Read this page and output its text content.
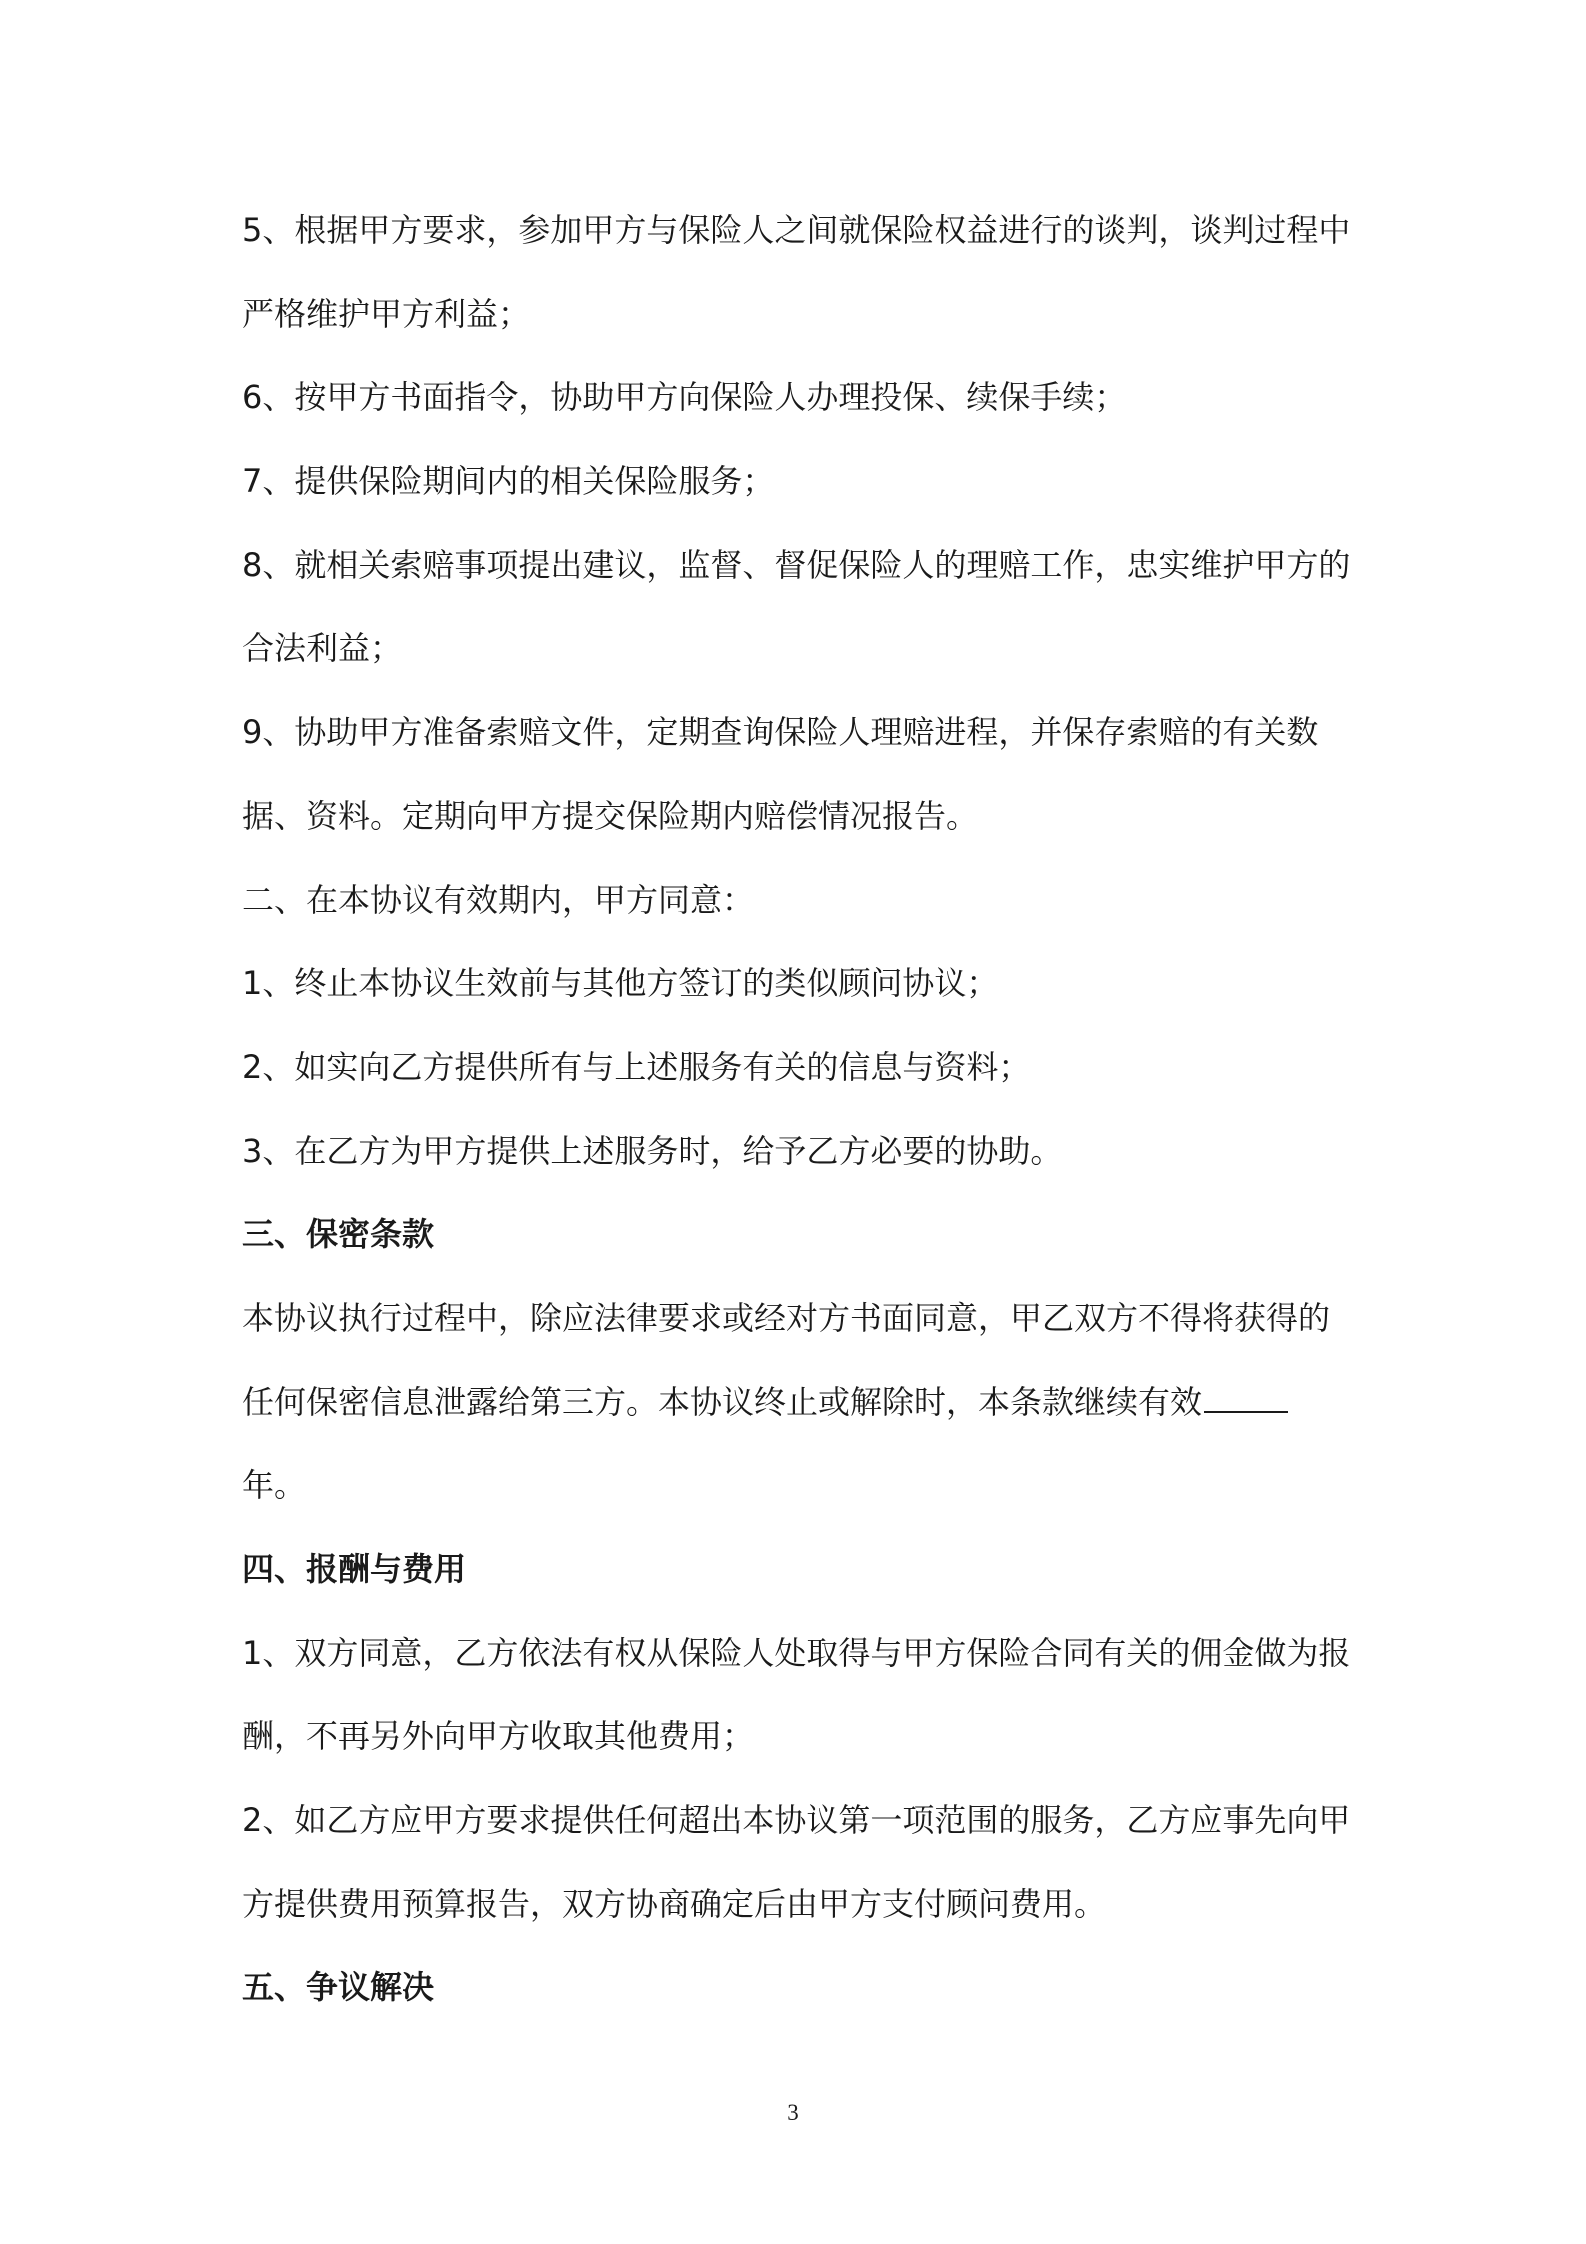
5、根据甲方要求，参加甲方与保险人之间就保险权益进行的谈判，谈判过程中
严格维护甲方利益；
6、按甲方书面指令，协助甲方向保险人办理投保、续保手续；
7、提供保险期间内的相关保险服务；
8、就相关索赔事项提出建议，监督、督促保险人的理赔工作，忠实维护甲方的
合法利益；
9、协助甲方准备索赔文件，定期查询保险人理赔进程，并保存索赔的有关数
据、资料。定期向甲方提交保险期内赔偿情况报告。
二、在本协议有效期内，甲方同意：
1、终止本协议生效前与其他方签订的类似顾问协议；
2、如实向乙方提供所有与上述服务有关的信息与资料；
3、在乙方为甲方提供上述服务时，给予乙方必要的协助。
三、保密条款
本协议执行过程中，除应法律要求或经对方书面同意，甲乙双方不得将获得的
任何保密信息泄露给第三方。本协议终止或解除时，本条款继续有效
年。
四、报酬与费用
1、双方同意，乙方依法有权从保险人处取得与甲方保险合同有关的佣金做为报
酬，不再另外向甲方收取其他费用；
2、如乙方应甲方要求提供任何超出本协议第一项范围的服务，乙方应事先向甲
方提供费用预算报告，双方协商确定后由甲方支付顾问费用。
五、争议解决
3
